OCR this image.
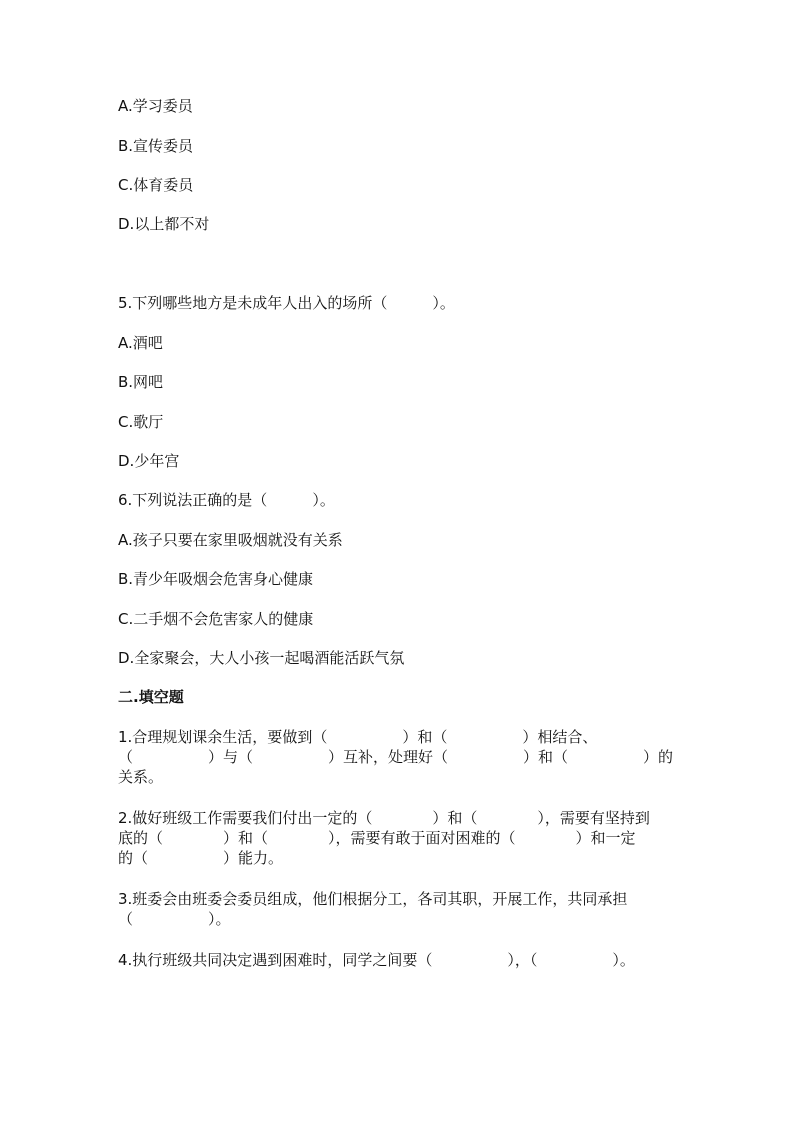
A.学习委员
B.宣传委员
C.体育委员
D.以上都不对
5.下列哪些地方是未成年人出入的场所（　　　）。
A.酒吧
B.网吧
C.歌厅
D.少年宫
6.下列说法正确的是（　　　）。
A.孩子只要在家里吸烟就没有关系
B.青少年吸烟会危害身心健康
C.二手烟不会危害家人的健康
D.全家聚会，大人小孩一起喝酒能活跃气氛
二.填空题
1.合理规划课余生活，要做到（　　　　　）和（　　　　　）相结合、
（　　　　　）与（　　　　　）互补，处理好（　　　　　）和（　　　　　）的
关系。
2.做好班级工作需要我们付出一定的（　　　　）和（　　　　），需要有坚持到
底的（　　　　）和（　　　　），需要有敢于面对困难的（　　　　）和一定
的（　　　　　）能力。
3.班委会由班委会委员组成，他们根据分工，各司其职，开展工作，共同承担
（　　　　　）。
4.执行班级共同决定遇到困难时，同学之间要（　　　　　），（　　　　　）。
